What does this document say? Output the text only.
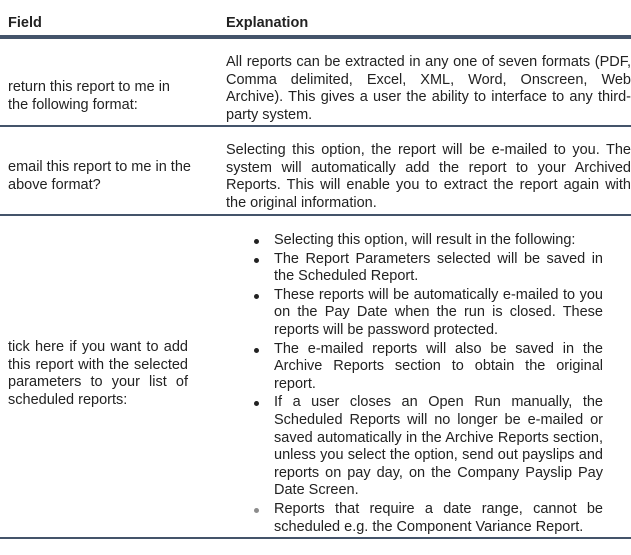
Field	Explanation
return this report to me in the following format:
All reports can be extracted in any one of seven formats (PDF, Comma delimited, Excel, XML, Word, Onscreen, Web Archive). This gives a user the ability to interface to any third-party system.
email this report to me in the above format?
Selecting this option, the report will be e-mailed to you. The system will automatically add the report to your Archived Reports. This will enable you to extract the report again with the original information.
tick here if you want to add this report with the selected parameters to your list of scheduled reports:
Selecting this option, will result in the following:
The Report Parameters selected will be saved in the Scheduled Report.
These reports will be automatically e-mailed to you on the Pay Date when the run is closed. These reports will be password protected.
The e-mailed reports will also be saved in the Archive Reports section to obtain the original report.
If a user closes an Open Run manually, the Scheduled Reports will no longer be e-mailed or saved automatically in the Archive Reports section, unless you select the option, send out payslips and reports on pay day, on the Company Payslip Pay Date Screen.
Reports that require a date range, cannot be scheduled e.g. the Component Variance Report.
